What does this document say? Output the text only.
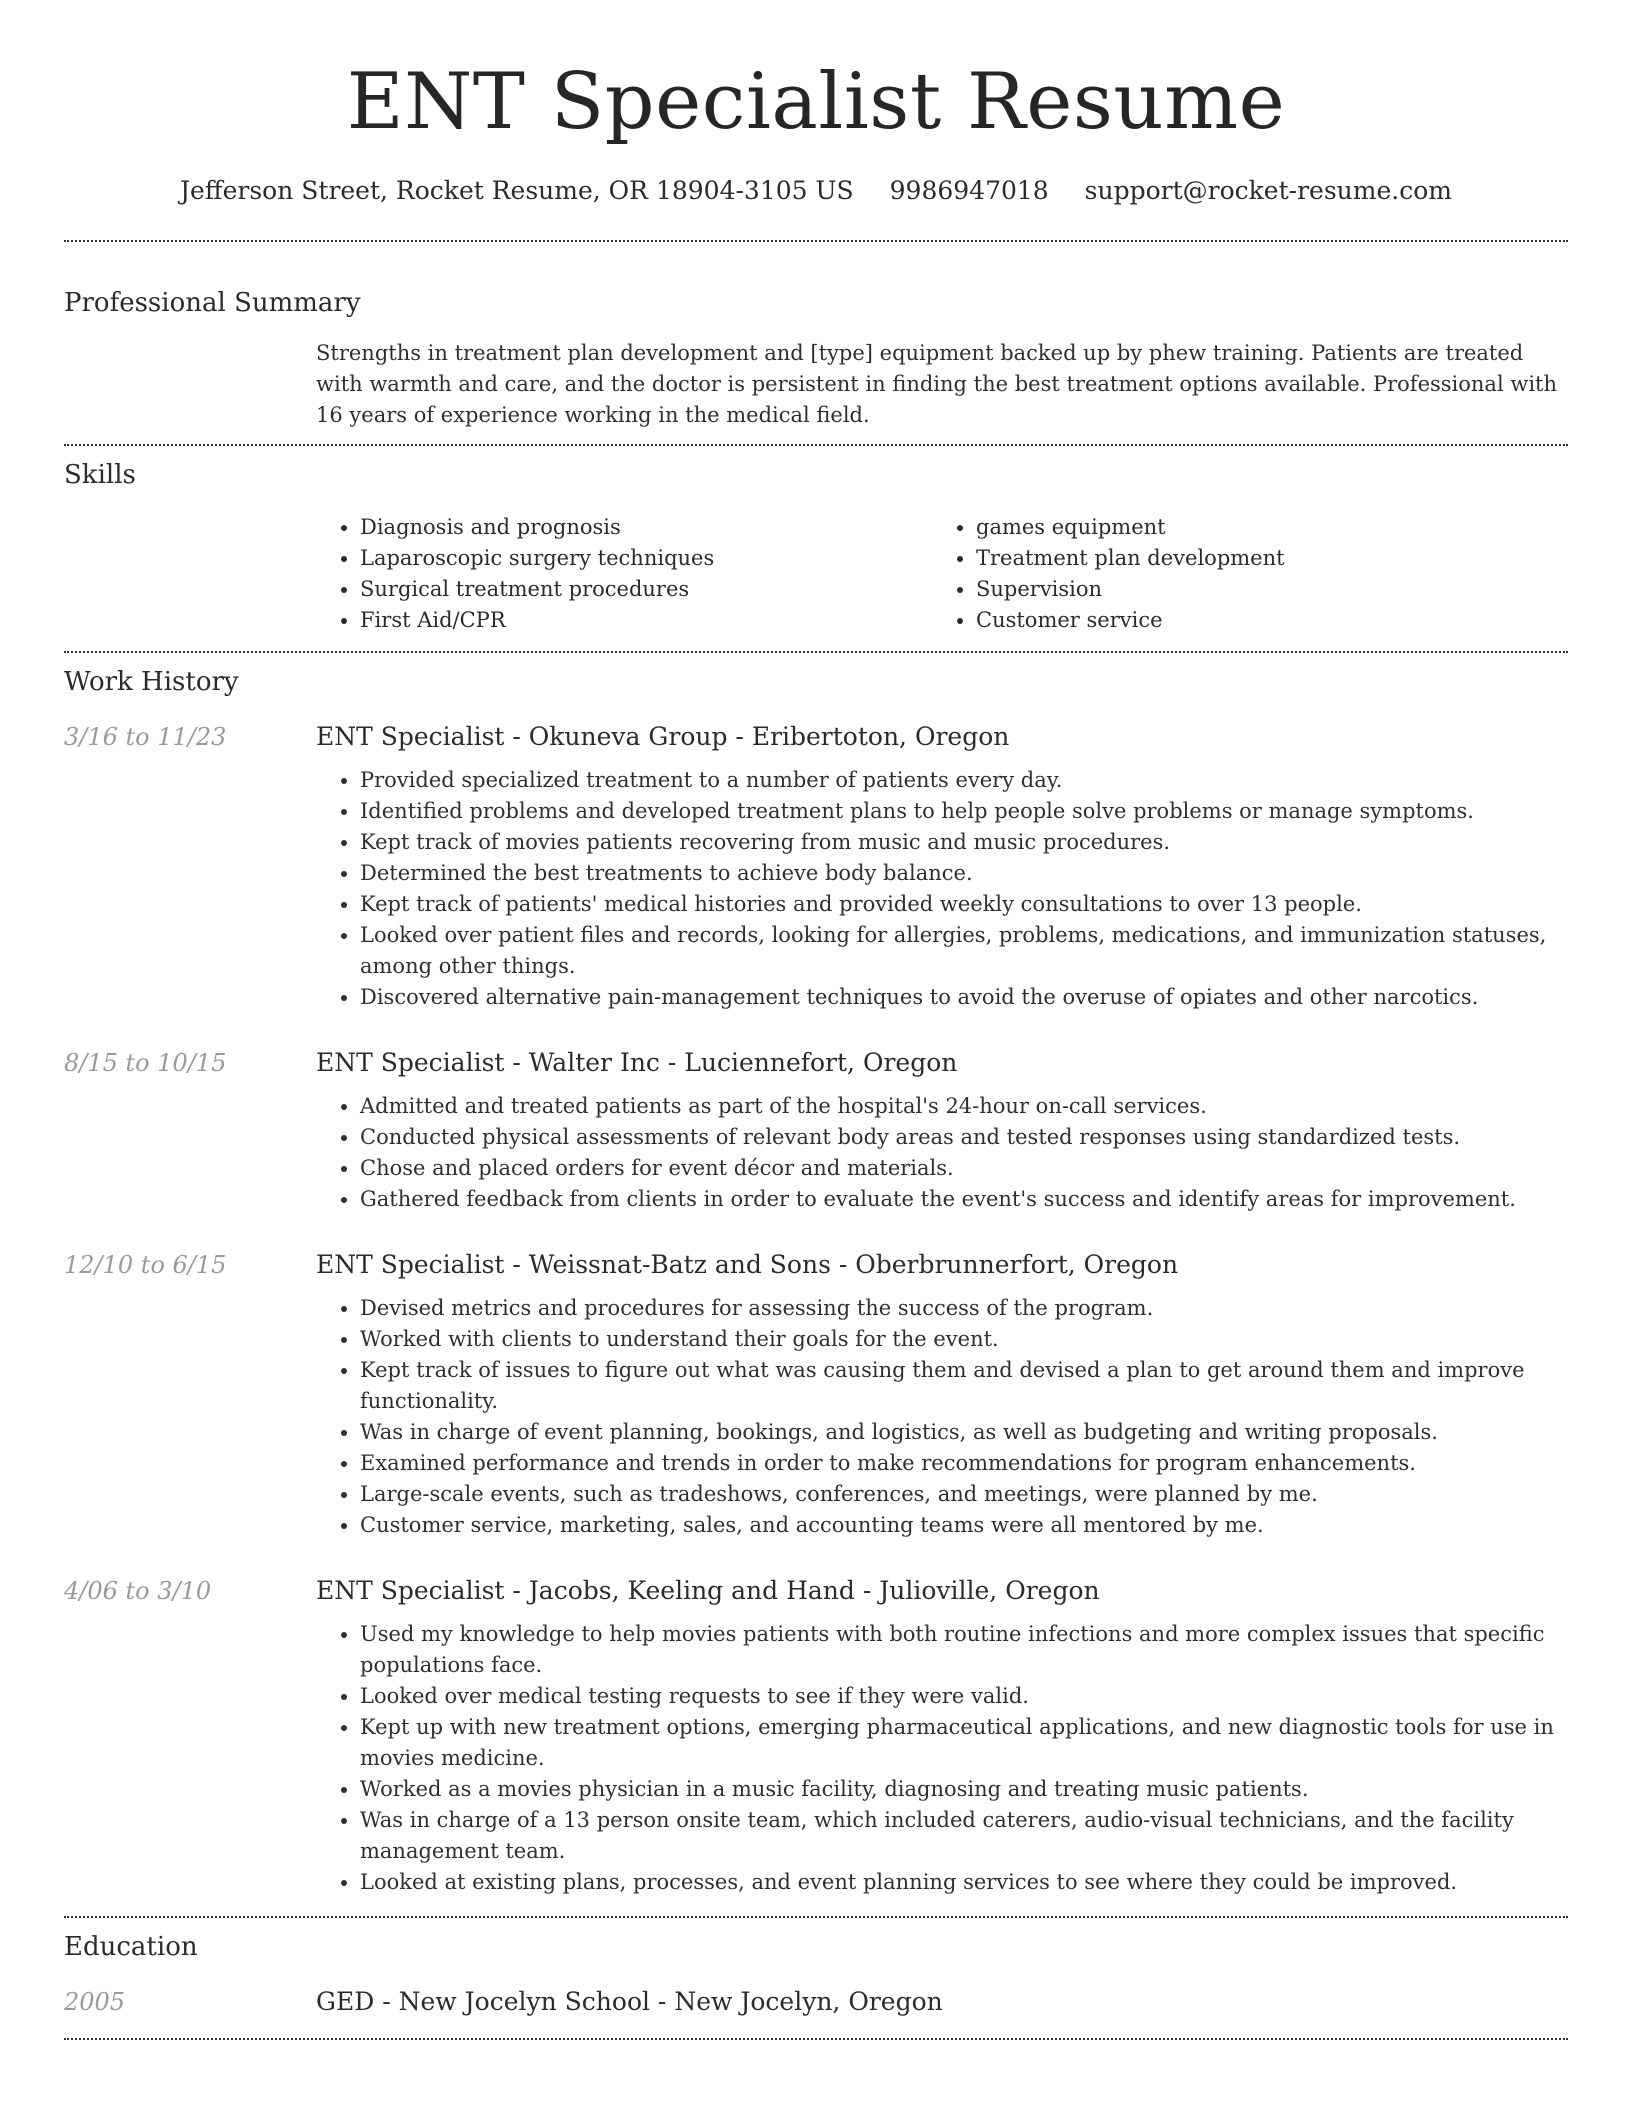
ENT Specialist Resume
Jefferson Street, Rocket Resume, OR 18904-3105 US 9986947018 support@rocket-resume.com
Professional Summary

Strengths in treatment plan development and [type] equipment backed up by phew training. Patients are treated with warmth and care, and the doctor is persistent in finding the best treatment options available. Professional with 16 years of experience working in the medical field.

Skills
• Diagnosis and prognosis
• Laparoscopic surgery techniques
• Surgical treatment procedures
• First Aid/CPR
• games equipment
• Treatment plan development
• Supervision
• Customer service
Work History
3/16 to 11/23	ENT Specialist - Okuneva Group - Eribertoton, Oregon
• Provided specialized treatment to a number of patients every day.
• Identified problems and developed treatment plans to help people solve problems or manage symptoms.
• Kept track of movies patients recovering from music and music procedures.
• Determined the best treatments to achieve body balance.
• Kept track of patients' medical histories and provided weekly consultations to over 13 people.
• Looked over patient files and records, looking for allergies, problems, medications, and immunization statuses, among other things.
• Discovered alternative pain-management techniques to avoid the overuse of opiates and other narcotics.
8/15 to 10/15	ENT Specialist - Walter Inc - Luciennefort, Oregon
• Admitted and treated patients as part of the hospital's 24-hour on-call services.
• Conducted physical assessments of relevant body areas and tested responses using standardized tests.
• Chose and placed orders for event décor and materials.
• Gathered feedback from clients in order to evaluate the event's success and identify areas for improvement.
12/10 to 6/15	ENT Specialist - Weissnat-Batz and Sons - Oberbrunnerfort, Oregon
• Devised metrics and procedures for assessing the success of the program.
• Worked with clients to understand their goals for the event.
• Kept track of issues to figure out what was causing them and devised a plan to get around them and improve functionality.
• Was in charge of event planning, bookings, and logistics, as well as budgeting and writing proposals.
• Examined performance and trends in order to make recommendations for program enhancements.
• Large-scale events, such as tradeshows, conferences, and meetings, were planned by me.
• Customer service, marketing, sales, and accounting teams were all mentored by me.
4/06 to 3/10	ENT Specialist - Jacobs, Keeling and Hand - Julioville, Oregon
• Used my knowledge to help movies patients with both routine infections and more complex issues that specific populations face.
• Looked over medical testing requests to see if they were valid.
• Kept up with new treatment options, emerging pharmaceutical applications, and new diagnostic tools for use in movies medicine.
• Worked as a movies physician in a music facility, diagnosing and treating music patients.
• Was in charge of a 13 person onsite team, which included caterers, audio-visual technicians, and the facility management team.
• Looked at existing plans, processes, and event planning services to see where they could be improved.
Education
2005	GED - New Jocelyn School - New Jocelyn, Oregon
